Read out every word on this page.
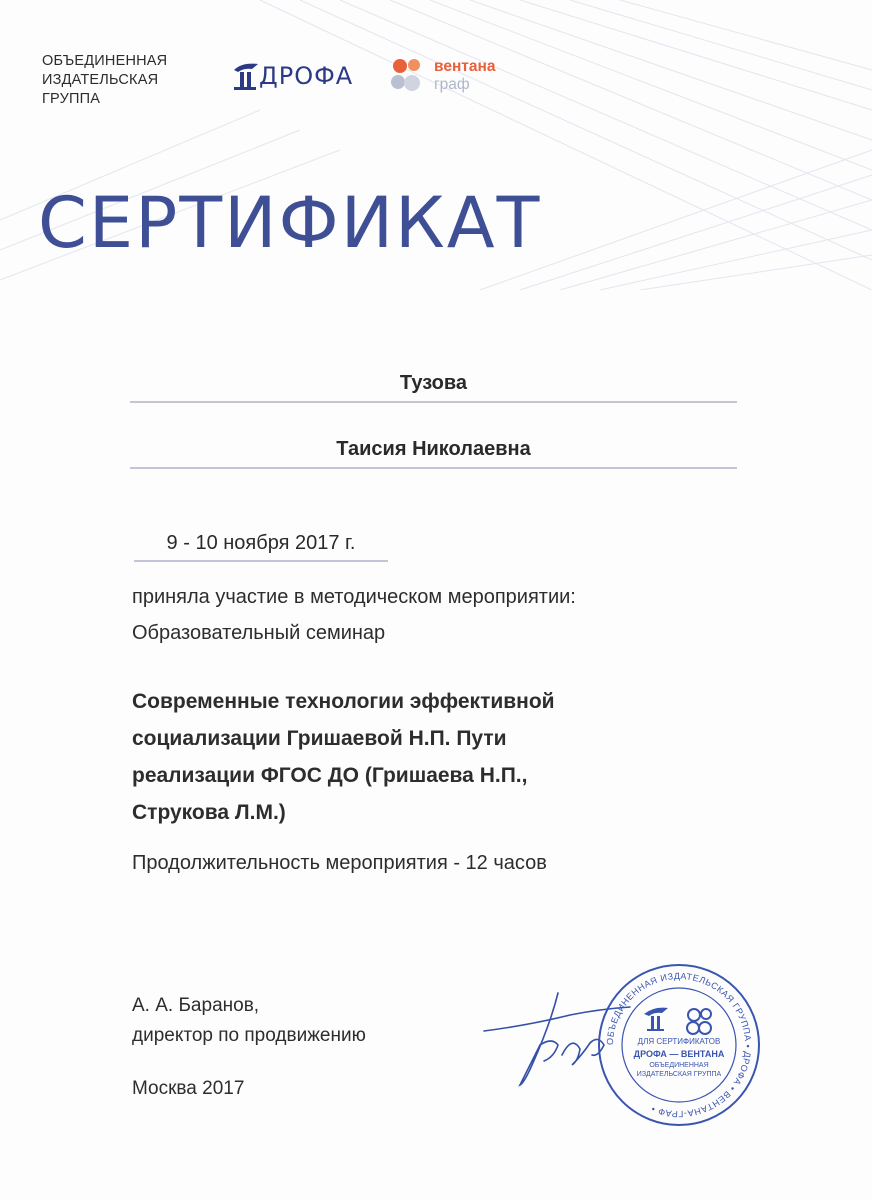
ОБЪЕДИНЕННАЯ
ИЗДАТЕЛЬСКАЯ
ГРУППА
ДРОФА	вентана
граф
СЕРТИФИКАТ
Тузова
Таисия Николаевна
9 - 10 ноября 2017 г.
приняла участие в методическом мероприятии:
Образовательный семинар
Современные технологии эффективной
социализации Гришаевой Н.П. Пути
реализации ФГОС ДО (Гришаева Н.П.,
Струкова Л.М.)
Продолжительность мероприятия - 12 часов
А. А. Баранов,
директор по продвижению
Москва 2017
ОБЪЕДИНЕННАЯ ИЗДАТЕЛЬСКАЯ ГРУППА • ДРОФА • ВЕНТАНА-ГРАФ •
ДЛЯ СЕРТИФИКАТОВ
ДРОФА — ВЕНТАНА
ОБЪЕДИНЕННАЯ ИЗДАТЕЛЬСКАЯ ГРУППА
